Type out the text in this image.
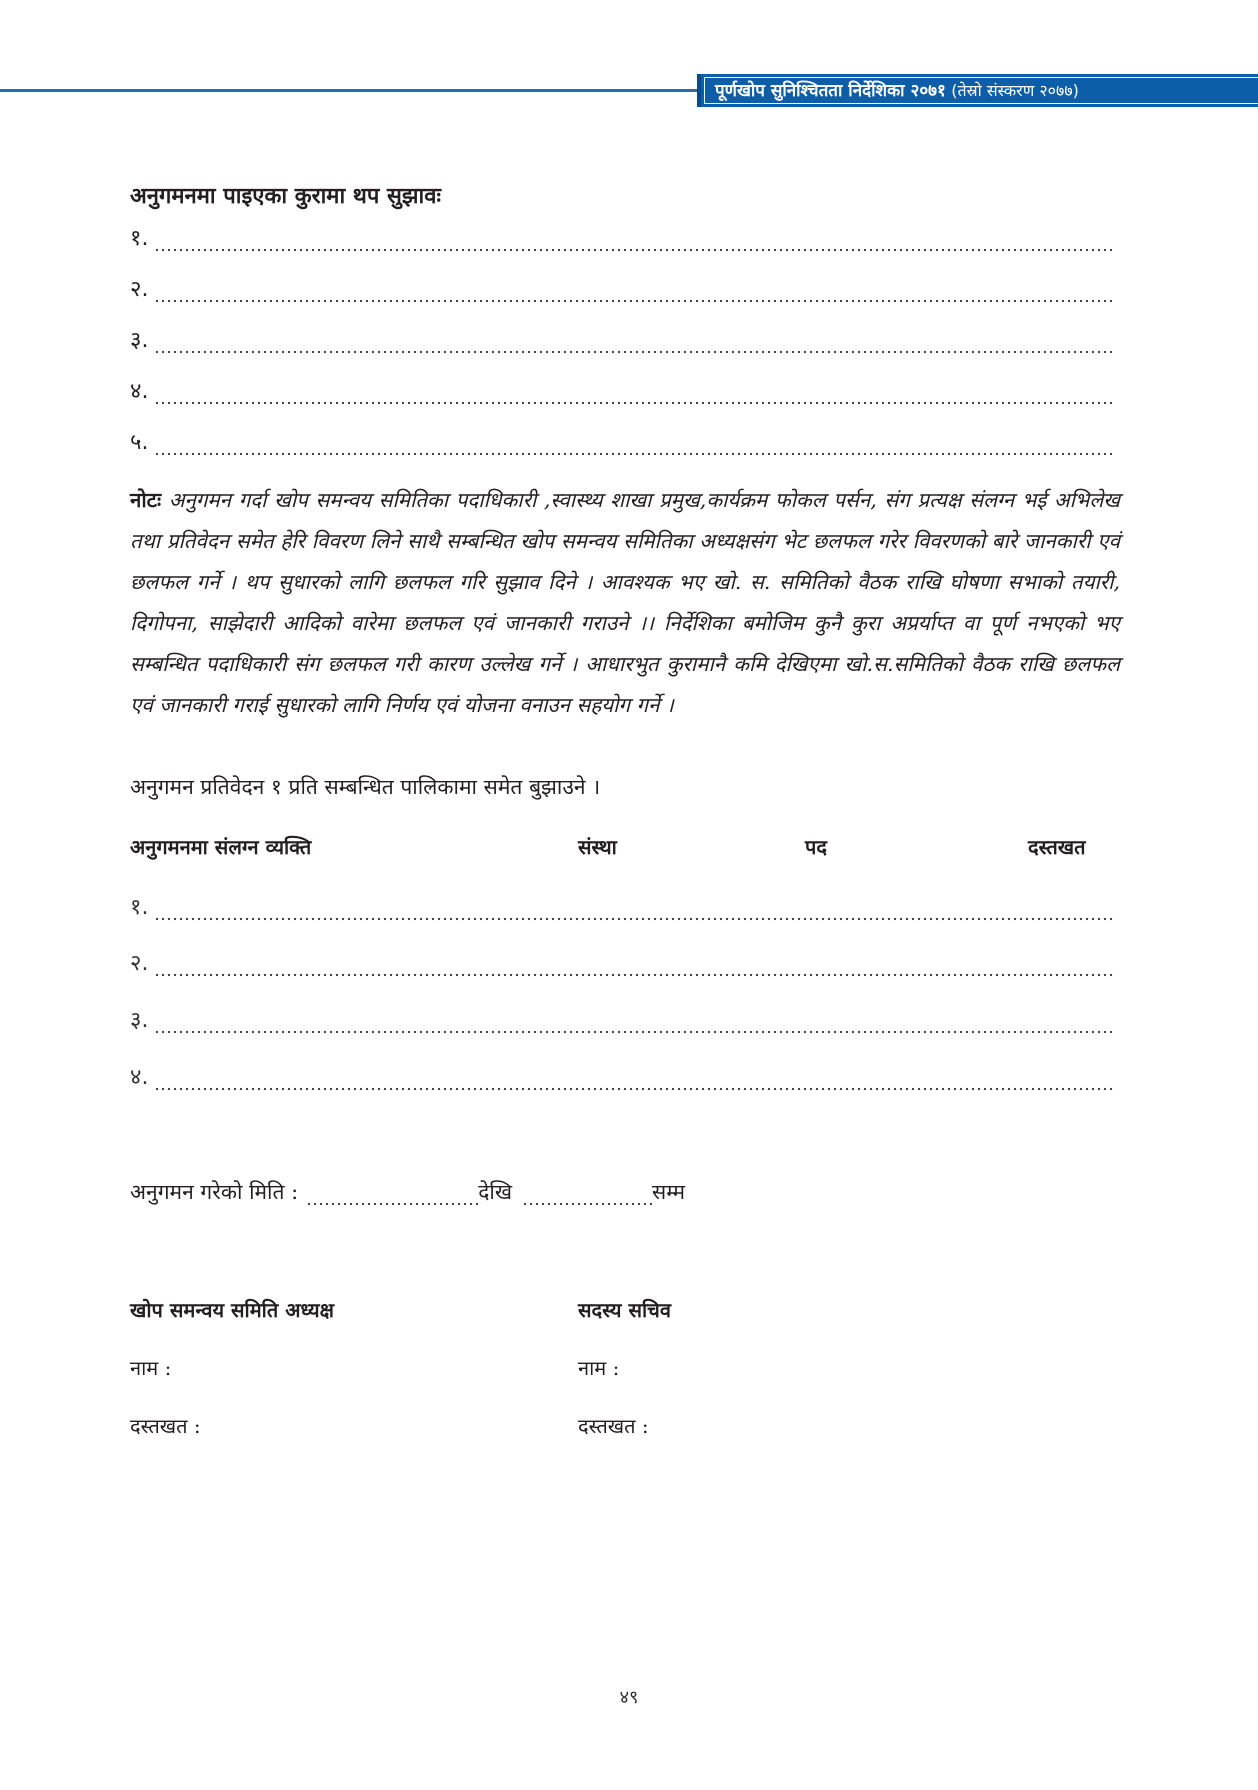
पूर्णखोप सुनिश्चितता निर्देशिका २०७१ (तेस्रो संस्करण २०७७)
अनुगमनमा पाइएका कुरामा थप सुझावः
१.
२.
३.
४.
५.
नोटः अनुगमन गर्दा खोप समन्वय समितिका पदाधिकारी ,स्वास्थ्य शाखा प्रमुख,कार्यक्रम फोकल पर्सन, संग प्रत्यक्ष संलग्न भई अभिलेख तथा प्रतिवेदन समेत हेरि विवरण लिने साथै सम्बन्धित खोप समन्वय समितिका अध्यक्षसंग भेट छलफल गरेर विवरणको बारे जानकारी एवं छलफल गर्ने । थप सुधारको लागि छलफल गरि सुझाव दिने । आवश्यक भए खो. स. समितिको वैठक राखि घोषणा सभाको तयारी, दिगोपना, साझेदारी आदिको वारेमा छलफल एवं जानकारी गराउने ।। निर्देशिका बमोजिम कुनै कुरा अप्रर्याप्त वा पूर्ण नभएको भए सम्बन्धित पदाधिकारी संग छलफल गरी कारण उल्लेख गर्ने । आधारभुत कुरामानै कमि देखिएमा खो.स.समितिको वैठक राखि छलफल एवं जानकारी गराई सुधारको लागि निर्णय एवं योजना वनाउन सहयोग गर्ने ।
अनुगमन प्रतिवेदन १ प्रति सम्बन्धित पालिकामा समेत बुझाउने ।
अनुगमनमा संलग्न व्यक्ति	संस्था	पद	दस्तखत
१.
२.
३.
४.
अनुगमन गरेको मिति :	देखि	सम्म
खोप समन्वय समिति अध्यक्ष	सदस्य सचिव
नाम :	नाम :
दस्तखत :	दस्तखत :
४९
